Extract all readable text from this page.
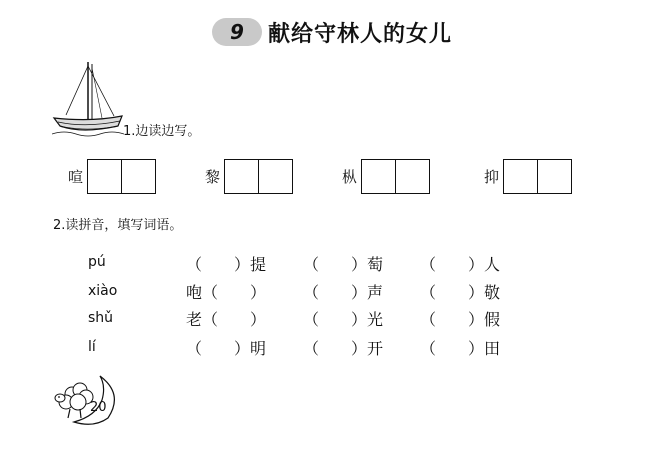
9 献给守林人的女儿
1.边读边写。
喧	黎	枞	抑
2.读拼音，填写词语。
pú	（　　）提 （　　）萄 （　　）人
xiào	咆（　　） （　　）声 （　　）敬
shǔ	老（　　） （　　）光 （　　）假
lí	（　　）明 （　　）开 （　　）田
20
